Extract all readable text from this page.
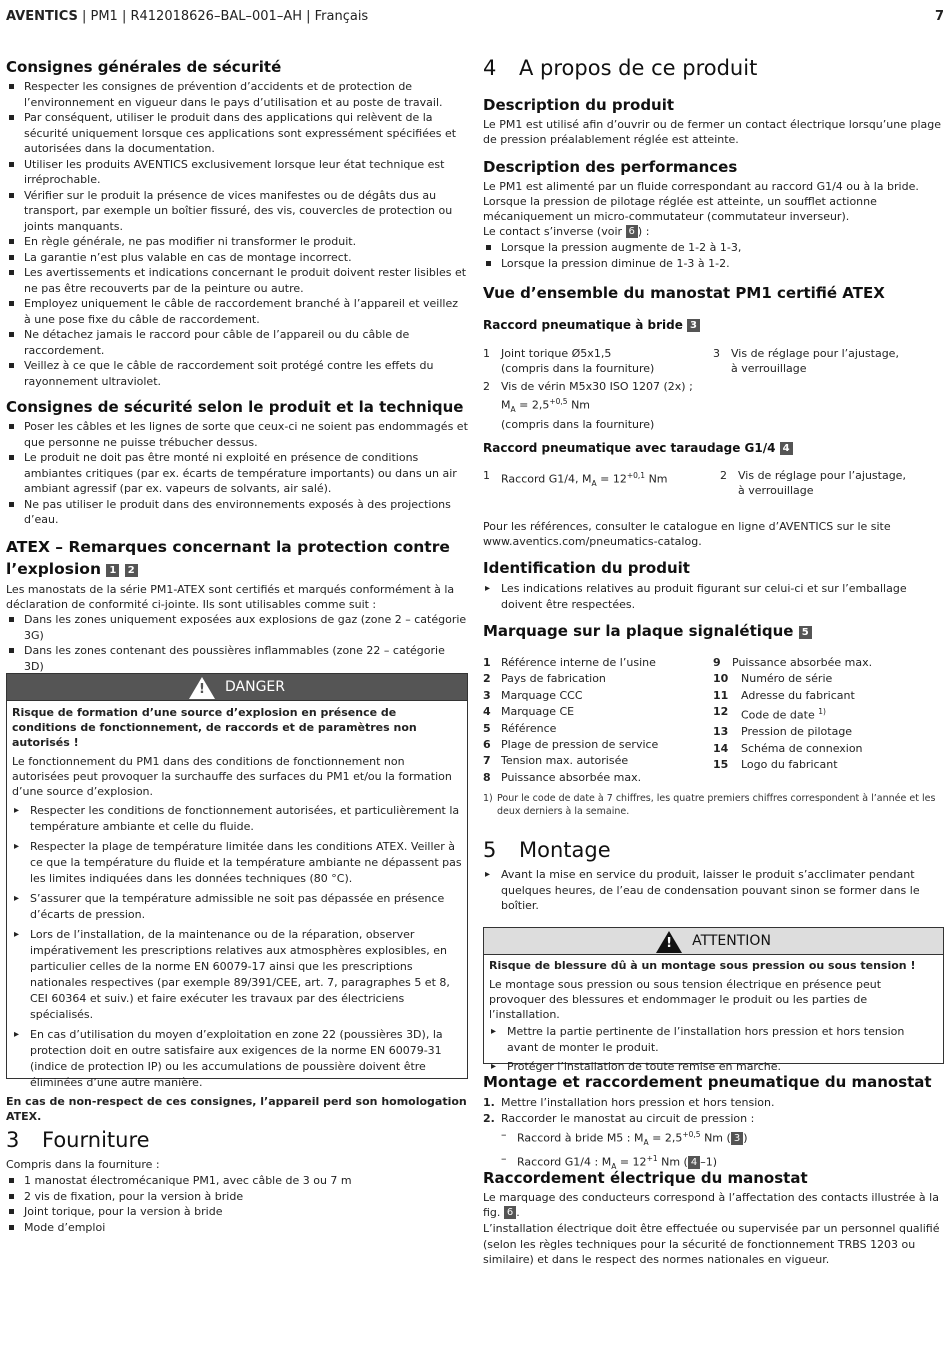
AVENTICS | PM1 | R412018626–BAL–001–AH | Français	7
Consignes générales de sécurité
Respecter les consignes de prévention d’accidents et de protection de l’environnement en vigueur dans le pays d’utilisation et au poste de travail.
Par conséquent, utiliser le produit dans des applications qui relèvent de la sécurité uniquement lorsque ces applications sont expressément spécifiées et autorisées dans la documentation.
Utiliser les produits AVENTICS exclusivement lorsque leur état technique est irréprochable.
Vérifier sur le produit la présence de vices manifestes ou de dégâts dus au transport, par exemple un boîtier fissuré, des vis, couvercles de protection ou joints manquants.
En règle générale, ne pas modifier ni transformer le produit.
La garantie n’est plus valable en cas de montage incorrect.
Les avertissements et indications concernant le produit doivent rester lisibles et ne pas être recouverts par de la peinture ou autre.
Employez uniquement le câble de raccordement branché à l’appareil et veillez à une pose fixe du câble de raccordement.
Ne détachez jamais le raccord pour câble de l’appareil ou du câble de raccordement.
Veillez à ce que le câble de raccordement soit protégé contre les effets du rayonnement ultraviolet.
Consignes de sécurité selon le produit et la technique
Poser les câbles et les lignes de sorte que ceux-ci ne soient pas endommagés et que personne ne puisse trébucher dessus.
Le produit ne doit pas être monté ni exploité en présence de conditions ambiantes critiques (par ex. écarts de température importants) ou dans un air ambiant agressif (par ex. vapeurs de solvants, air salé).
Ne pas utiliser le produit dans des environnements exposés à des projections d’eau.
ATEX – Remarques concernant la protection contre l’explosion 1 2
Les manostats de la série PM1-ATEX sont certifiés et marqués conformément à la déclaration de conformité ci-jointe. Ils sont utilisables comme suit :
Dans les zones uniquement exposées aux explosions de gaz (zone 2 – catégorie 3G)
Dans les zones contenant des poussières inflammables (zone 22 – catégorie 3D)
!	DANGER
Risque de formation d’une source d’explosion en présence de conditions de fonctionnement, de raccords et de paramètres non autorisés !
Le fonctionnement du PM1 dans des conditions de fonctionnement non autorisées peut provoquer la surchauffe des surfaces du PM1 et/ou la formation d’une source d’explosion.
▸ Respecter les conditions de fonctionnement autorisées, et particulièrement la température ambiante et celle du fluide.
▸ Respecter la plage de température limitée dans les conditions ATEX. Veiller à ce que la température du fluide et la température ambiante ne dépassent pas les limites indiquées dans les données techniques (80 °C).
▸ S’assurer que la température admissible ne soit pas dépassée en présence d’écarts de pression.
▸ Lors de l’installation, de la maintenance ou de la réparation, observer impérativement les prescriptions relatives aux atmosphères explosibles, en particulier celles de la norme EN 60079-17 ainsi que les prescriptions nationales respectives (par exemple 89/391/CEE, art. 7, paragraphes 5 et 8, CEI 60364 et suiv.) et faire exécuter les travaux par des électriciens spécialisés.
▸ En cas d’utilisation du moyen d’exploitation en zone 22 (poussières 3D), la protection doit en outre satisfaire aux exigences de la norme EN 60079-31 (indice de protection IP) ou les accumulations de poussière doivent être éliminées d’une autre manière.
En cas de non-respect de ces consignes, l’appareil perd son homologation ATEX.
3 Fourniture
Compris dans la fourniture :
1 manostat électromécanique PM1, avec câble de 3 ou 7 m
2 vis de fixation, pour la version à bride
Joint torique, pour la version à bride
Mode d’emploi
4 A propos de ce produit
Description du produit
Le PM1 est utilisé afin d’ouvrir ou de fermer un contact électrique lorsqu’une plage de pression préalablement réglée est atteinte.
Description des performances
Le PM1 est alimenté par un fluide correspondant au raccord G1/4 ou à la bride. Lorsque la pression de pilotage réglée est atteinte, un soufflet actionne mécaniquement un micro-commutateur (commutateur inverseur).
Le contact s’inverse (voir 6 ) :
Lorsque la pression augmente de 1-2 à 1-3,
Lorsque la pression diminue de 1-3 à 1-2.
Vue d’ensemble du manostat PM1 certifié ATEX
Raccord pneumatique à bride 3
1 Joint torique Ø5x1,5
(compris dans la fourniture)
2 Vis de vérin M5x30 ISO 1207 (2x) ;
$M_A = 2,5^{+0,5}$ Nm
(compris dans la fourniture)
3 Vis de réglage pour l’ajustage,
à verrouillage
Raccord pneumatique avec taraudage G1/4 4
1 Raccord G1/4, $M_A = 12^{+0,1}$ Nm	2 Vis de réglage pour l’ajustage,
à verrouillage
Pour les références, consulter le catalogue en ligne d’AVENTICS sur le site www.aventics.com/pneumatics-catalog.
Identification du produit
▸ Les indications relatives au produit figurant sur celui-ci et sur l’emballage doivent être respectées.
Marquage sur la plaque signalétique 5
1 Référence interne de l’usine
2 Pays de fabrication
3 Marquage CCC
4 Marquage CE
5 Référence
6 Plage de pression de service
7 Tension max. autorisée
8 Puissance absorbée max.
9 Puissance absorbée max.
10 Numéro de série
11 Adresse du fabricant
12 Code de date $^{1)}$
13 Pression de pilotage
14 Schéma de connexion
15 Logo du fabricant
1) Pour le code de date à 7 chiffres, les quatre premiers chiffres correspondent à l’année et les deux derniers à la semaine.
5 Montage
▸ Avant la mise en service du produit, laisser le produit s’acclimater pendant quelques heures, de l’eau de condensation pouvant sinon se former dans le boîtier.
!	ATTENTION
Risque de blessure dû à un montage sous pression ou sous tension !
Le montage sous pression ou sous tension électrique en présence peut provoquer des blessures et endommager le produit ou les parties de l’installation.
▸ Mettre la partie pertinente de l’installation hors pression et hors tension avant de monter le produit.
▸ Protéger l’installation de toute remise en marche.
Montage et raccordement pneumatique du manostat
1. Mettre l’installation hors pression et hors tension.
2. Raccorder le manostat au circuit de pression :
– Raccord à bride M5 : $M_A = 2,5^{+0,5}$ Nm ( 3 )
– Raccord G1/4 : $M_A = 12^{+1}$ Nm ( 4 –1)
Raccordement électrique du manostat
Le marquage des conducteurs correspond à l’affectation des contacts illustrée à la fig. 6 .
L’installation électrique doit être effectuée ou supervisée par un personnel qualifié (selon les règles techniques pour la sécurité de fonctionnement TRBS 1203 ou similaire) et dans le respect des normes nationales en vigueur.
